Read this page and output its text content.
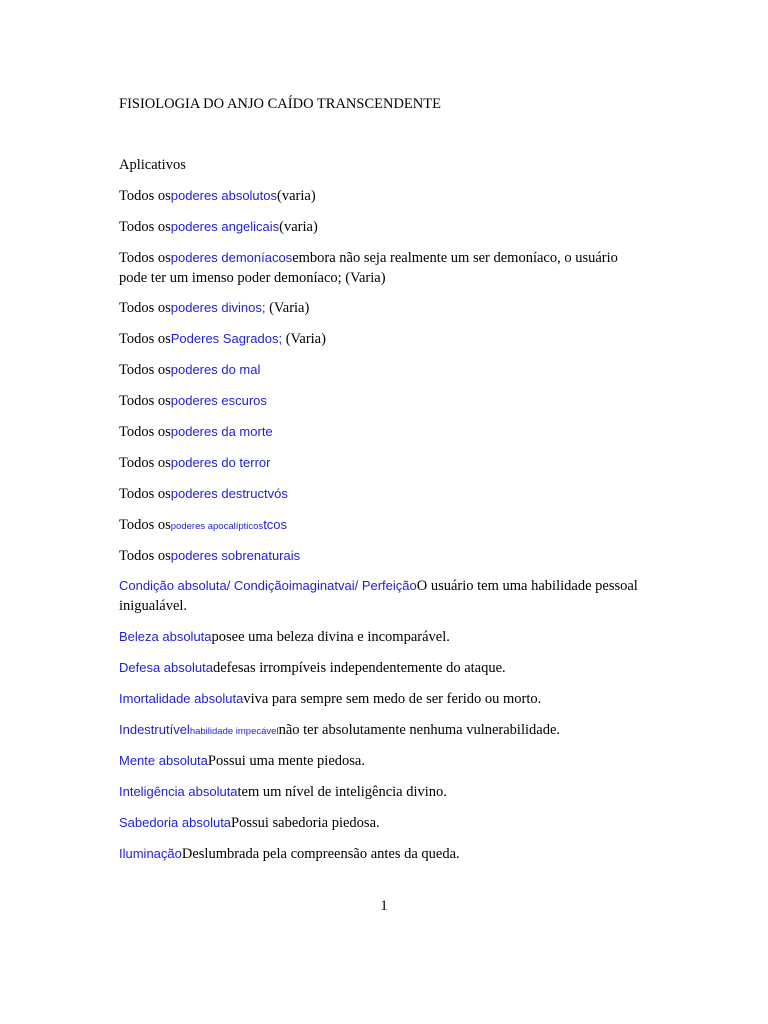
FISIOLOGIA DO ANJO CAÍDO TRANSCENDENTE
Aplicativos
Todos ospoderes absolutos(varia)
Todos ospoderes angelicais(varia)
Todos ospoderes demoníacosembora não seja realmente um ser demoníaco, o usuário pode ter um imenso poder demoníaco; (Varia)
Todos ospoderes divinos; (Varia)
Todos osPoderes Sagrados; (Varia)
Todos ospoderes do mal
Todos ospoderes escuros
Todos ospoderes da morte
Todos ospoderes do terror
Todos ospoderes destructvós
Todos ospoderes apocalípticostcos
Todos ospoderes sobrenaturais
Condição absoluta/ Condiçãoimaginatvai/ PerfeiçãoO usuário tem uma habilidade pessoal inigualável.
Beleza absolutaposee uma beleza divina e incomparável.
Defesa absolutadefesas irrompíveis independentemente do ataque.
Imortalidade absolutaviva para sempre sem medo de ser ferido ou morto.
Indestrutívelhabilidade impecávelnão ter absolutamente nenhuma vulnerabilidade.
Mente absolutaPossui uma mente piedosa.
Inteligência absolutatem um nível de inteligência divino.
Sabedoria absolutaPossui sabedoria piedosa.
IluminaçãoDeslumbrada pela compreensão antes da queda.
1
